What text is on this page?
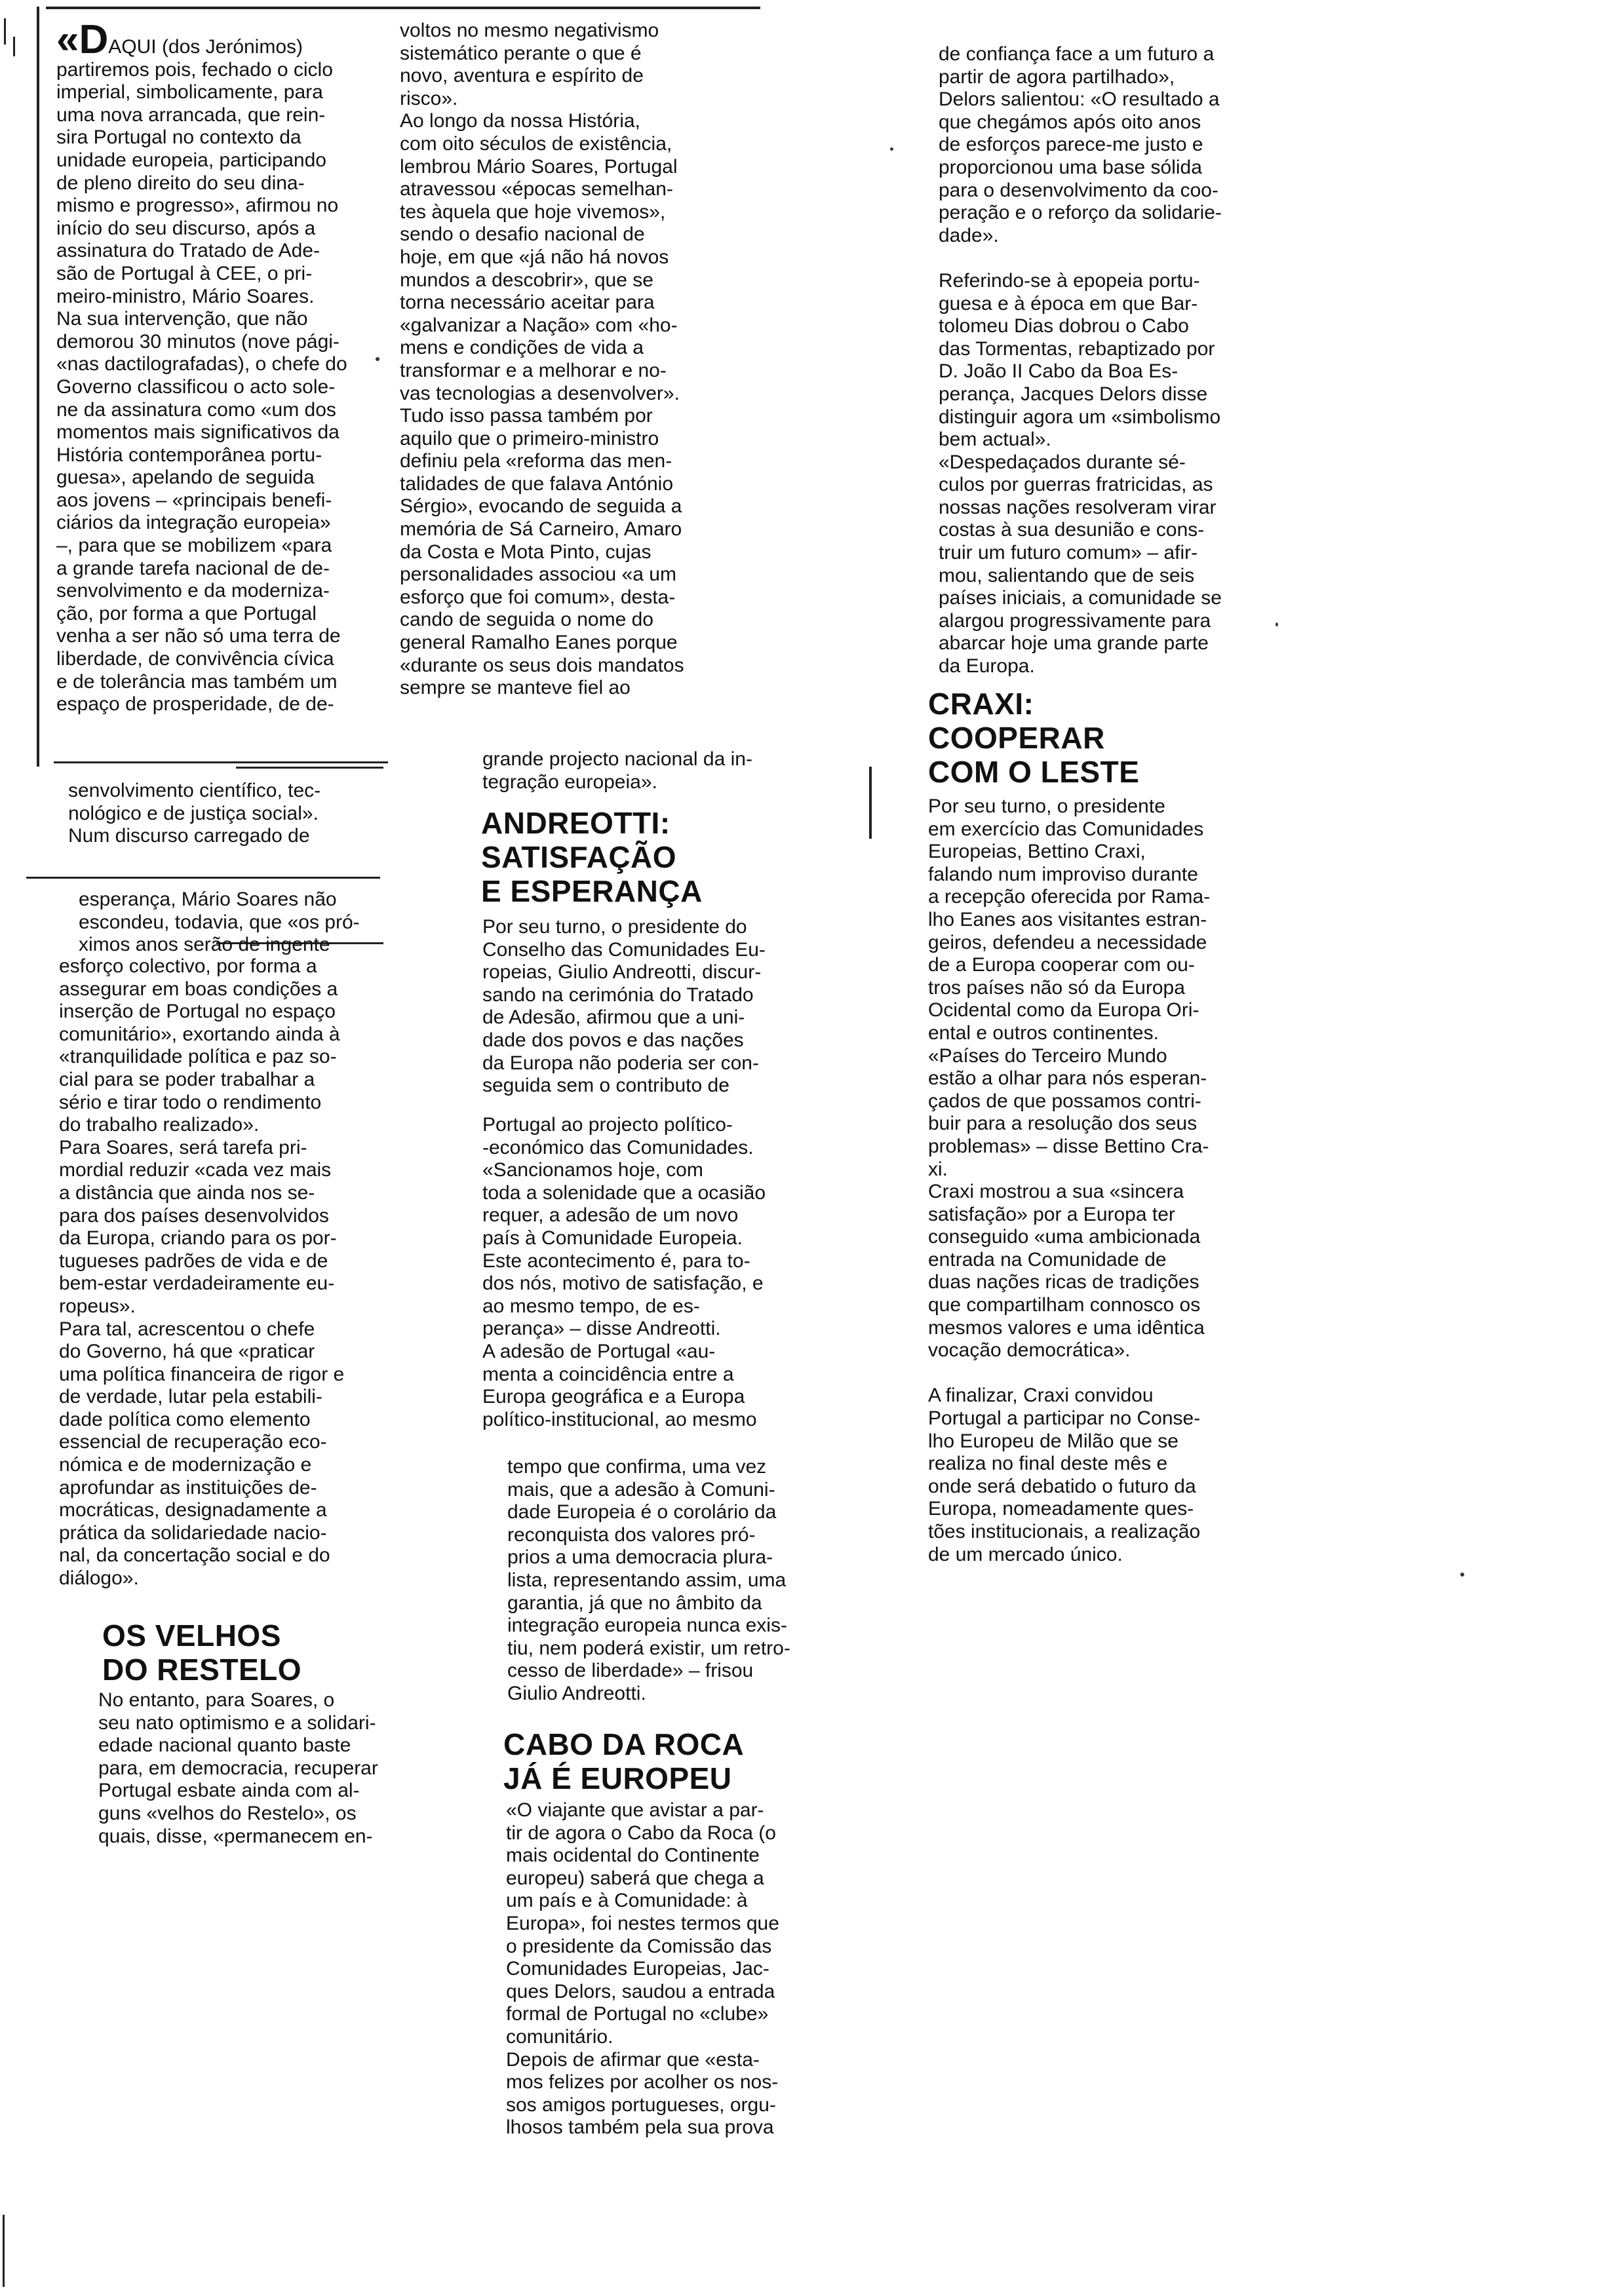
«DAQUI (dos Jerónimos)
partiremos pois, fechado o ciclo
imperial, simbolicamente, para
uma nova arrancada, que rein-
sira Portugal no contexto da
unidade europeia, participando
de pleno direito do seu dina-
mismo e progresso», afirmou no
início do seu discurso, após a
assinatura do Tratado de Ade-
são de Portugal à CEE, o pri-
meiro-ministro, Mário Soares.
Na sua intervenção, que não
demorou 30 minutos (nove pági-
«nas dactilografadas), o chefe do
Governo classificou o acto sole-
ne da assinatura como «um dos
momentos mais significativos da
História contemporânea portu-
guesa», apelando de seguida
aos jovens – «principais benefi-
ciários da integração europeia»
–, para que se mobilizem «para
a grande tarefa nacional de de-
senvolvimento e da moderniza-
ção, por forma a que Portugal
venha a ser não só uma terra de
liberdade, de convivência cívica
e de tolerância mas também um
espaço de prosperidade, de de-

senvolvimento científico, tec-
nológico e de justiça social».
Num discurso carregado de

esperança, Mário Soares não
escondeu, todavia, que «os pró-
ximos anos serão de ingente

esforço colectivo, por forma a
assegurar em boas condições a
inserção de Portugal no espaço
comunitário», exortando ainda à
«tranquilidade política e paz so-
cial para se poder trabalhar a
sério e tirar todo o rendimento
do trabalho realizado».
Para Soares, será tarefa pri-
mordial reduzir «cada vez mais
a distância que ainda nos se-
para dos países desenvolvidos
da Europa, criando para os por-
tugueses padrões de vida e de
bem-estar verdadeiramente eu-
ropeus».
Para tal, acrescentou o chefe
do Governo, há que «praticar
uma política financeira de rigor e
de verdade, lutar pela estabili-
dade política como elemento
essencial de recuperação eco-
nómica e de modernização e
aprofundar as instituições de-
mocráticas, designadamente a
prática da solidariedade nacio-
nal, da concertação social e do
diálogo».

OS VELHOS
DO RESTELO

No entanto, para Soares, o
seu nato optimismo e a solidari-
edade nacional quanto baste
para, em democracia, recuperar
Portugal esbate ainda com al-
guns «velhos do Restelo», os
quais, disse, «permanecem en-

voltos no mesmo negativismo
sistemático perante o que é
novo, aventura e espírito de
risco».
Ao longo da nossa História,
com oito séculos de existência,
lembrou Mário Soares, Portugal
atravessou «épocas semelhan-
tes àquela que hoje vivemos»,
sendo o desafio nacional de
hoje, em que «já não há novos
mundos a descobrir», que se
torna necessário aceitar para
«galvanizar a Nação» com «ho-
mens e condições de vida a
transformar e a melhorar e no-
vas tecnologias a desenvolver».
Tudo isso passa também por
aquilo que o primeiro-ministro
definiu pela «reforma das men-
talidades de que falava António
Sérgio», evocando de seguida a
memória de Sá Carneiro, Amaro
da Costa e Mota Pinto, cujas
personalidades associou «a um
esforço que foi comum», desta-
cando de seguida o nome do
general Ramalho Eanes porque
«durante os seus dois mandatos
sempre se manteve fiel ao

grande projecto nacional da in-
tegração europeia».

ANDREOTTI:
SATISFAÇÃO
E ESPERANÇA

Por seu turno, o presidente do
Conselho das Comunidades Eu-
ropeias, Giulio Andreotti, discur-
sando na cerimónia do Tratado
de Adesão, afirmou que a uni-
dade dos povos e das nações
da Europa não poderia ser con-
seguida sem o contributo de

Portugal ao projecto político-
-económico das Comunidades.
«Sancionamos hoje, com
toda a solenidade que a ocasião
requer, a adesão de um novo
país à Comunidade Europeia.
Este acontecimento é, para to-
dos nós, motivo de satisfação, e
ao mesmo tempo, de es-
perança» – disse Andreotti.
A adesão de Portugal «au-
menta a coincidência entre a
Europa geográfica e a Europa
político-institucional, ao mesmo

tempo que confirma, uma vez
mais, que a adesão à Comuni-
dade Europeia é o corolário da
reconquista dos valores pró-
prios a uma democracia plura-
lista, representando assim, uma
garantia, já que no âmbito da
integração europeia nunca exis-
tiu, nem poderá existir, um retro-
cesso de liberdade» – frisou
Giulio Andreotti.

CABO DA ROCA
JÁ É EUROPEU

«O viajante que avistar a par-
tir de agora o Cabo da Roca (o
mais ocidental do Continente
europeu) saberá que chega a
um país e à Comunidade: à
Europa», foi nestes termos que
o presidente da Comissão das
Comunidades Europeias, Jac-
ques Delors, saudou a entrada
formal de Portugal no «clube»
comunitário.
Depois de afirmar que «esta-
mos felizes por acolher os nos-
sos amigos portugueses, orgu-
lhosos também pela sua prova

de confiança face a um futuro a
partir de agora partilhado»,
Delors salientou: «O resultado a
que chegámos após oito anos
de esforços parece-me justo e
proporcionou uma base sólida
para o desenvolvimento da coo-
peração e o reforço da solidarie-
dade».

Referindo-se à epopeia portu-
guesa e à época em que Bar-
tolomeu Dias dobrou o Cabo
das Tormentas, rebaptizado por
D. João II Cabo da Boa Es-
perança, Jacques Delors disse
distinguir agora um «simbolismo
bem actual».
«Despedaçados durante sé-
culos por guerras fratricidas, as
nossas nações resolveram virar
costas à sua desunião e cons-
truir um futuro comum» – afir-
mou, salientando que de seis
países iniciais, a comunidade se
alargou progressivamente para
abarcar hoje uma grande parte
da Europa.

CRAXI:
COOPERAR
COM O LESTE

Por seu turno, o presidente
em exercício das Comunidades
Europeias, Bettino Craxi,
falando num improviso durante
a recepção oferecida por Rama-
lho Eanes aos visitantes estran-
geiros, defendeu a necessidade
de a Europa cooperar com ou-
tros países não só da Europa
Ocidental como da Europa Ori-
ental e outros continentes.
«Países do Terceiro Mundo
estão a olhar para nós esperan-
çados de que possamos contri-
buir para a resolução dos seus
problemas» – disse Bettino Cra-
xi.
Craxi mostrou a sua «sincera
satisfação» por a Europa ter
conseguido «uma ambicionada
entrada na Comunidade de
duas nações ricas de tradições
que compartilham connosco os
mesmos valores e uma idêntica
vocação democrática».

A finalizar, Craxi convidou
Portugal a participar no Conse-
lho Europeu de Milão que se
realiza no final deste mês e
onde será debatido o futuro da
Europa, nomeadamente ques-
tões institucionais, a realização
de um mercado único.
